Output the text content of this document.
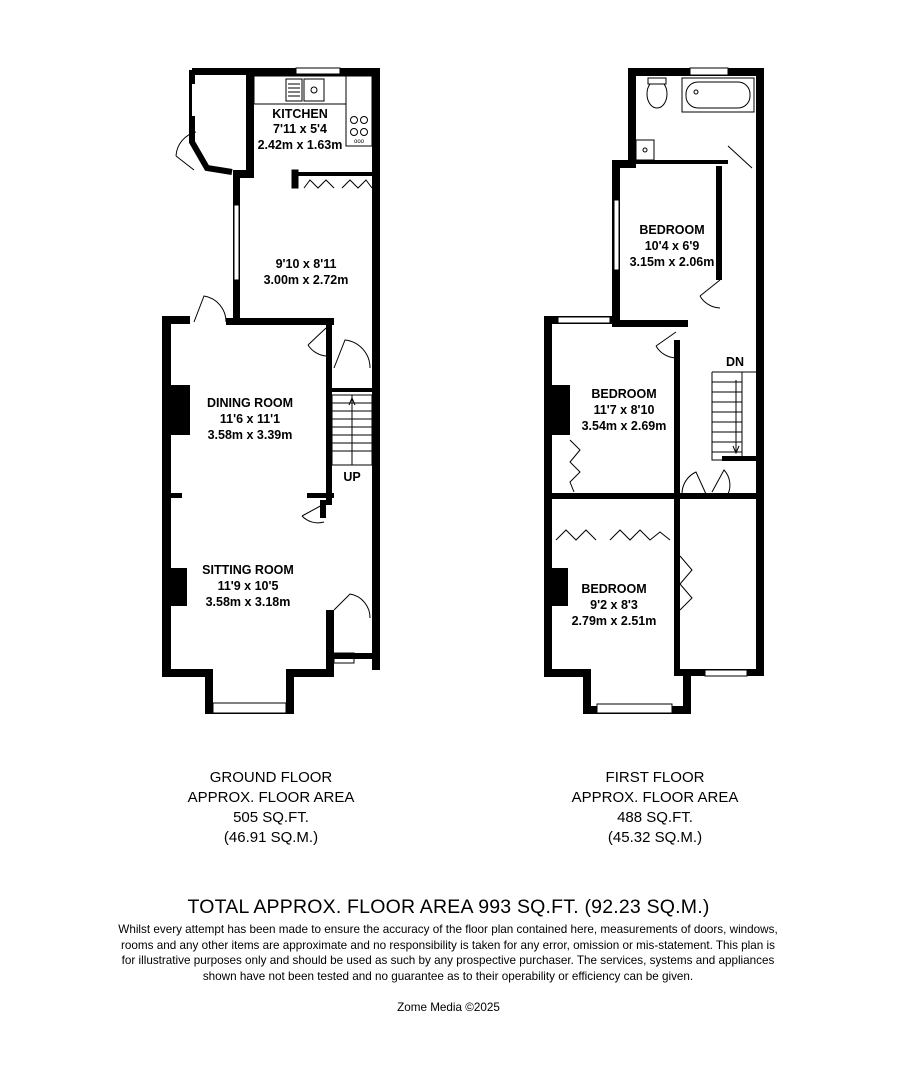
ooo
KITCHEN
7'11 x 5'4
2.42m x 1.63m
9'10 x 8'11
3.00m x 2.72m
DINING ROOM
11'6 x 11'1
3.58m x 3.39m
SITTING ROOM
11'9 x 10'5
3.58m x 3.18m
UP
BEDROOM
10'4 x 6'9
3.15m x 2.06m
BEDROOM
11'7 x 8'10
3.54m x 2.69m
BEDROOM
9'2 x 8'3
2.79m x 2.51m
DN
GROUND FLOOR
APPROX. FLOOR AREA
505 SQ.FT.
(46.91 SQ.M.)
FIRST FLOOR
APPROX. FLOOR AREA
488 SQ.FT.
(45.32 SQ.M.)
TOTAL APPROX. FLOOR AREA 993 SQ.FT. (92.23 SQ.M.)
Whilst every attempt has been made to ensure the accuracy of the floor plan contained here, measurements of doors, windows, rooms and any other items are approximate and no responsibility is taken for any error, omission or mis-statement. This plan is for illustrative purposes only and should be used as such by any prospective purchaser. The services, systems and appliances shown have not been tested and no guarantee as to their operability or efficiency can be given.
Zome Media ©2025
